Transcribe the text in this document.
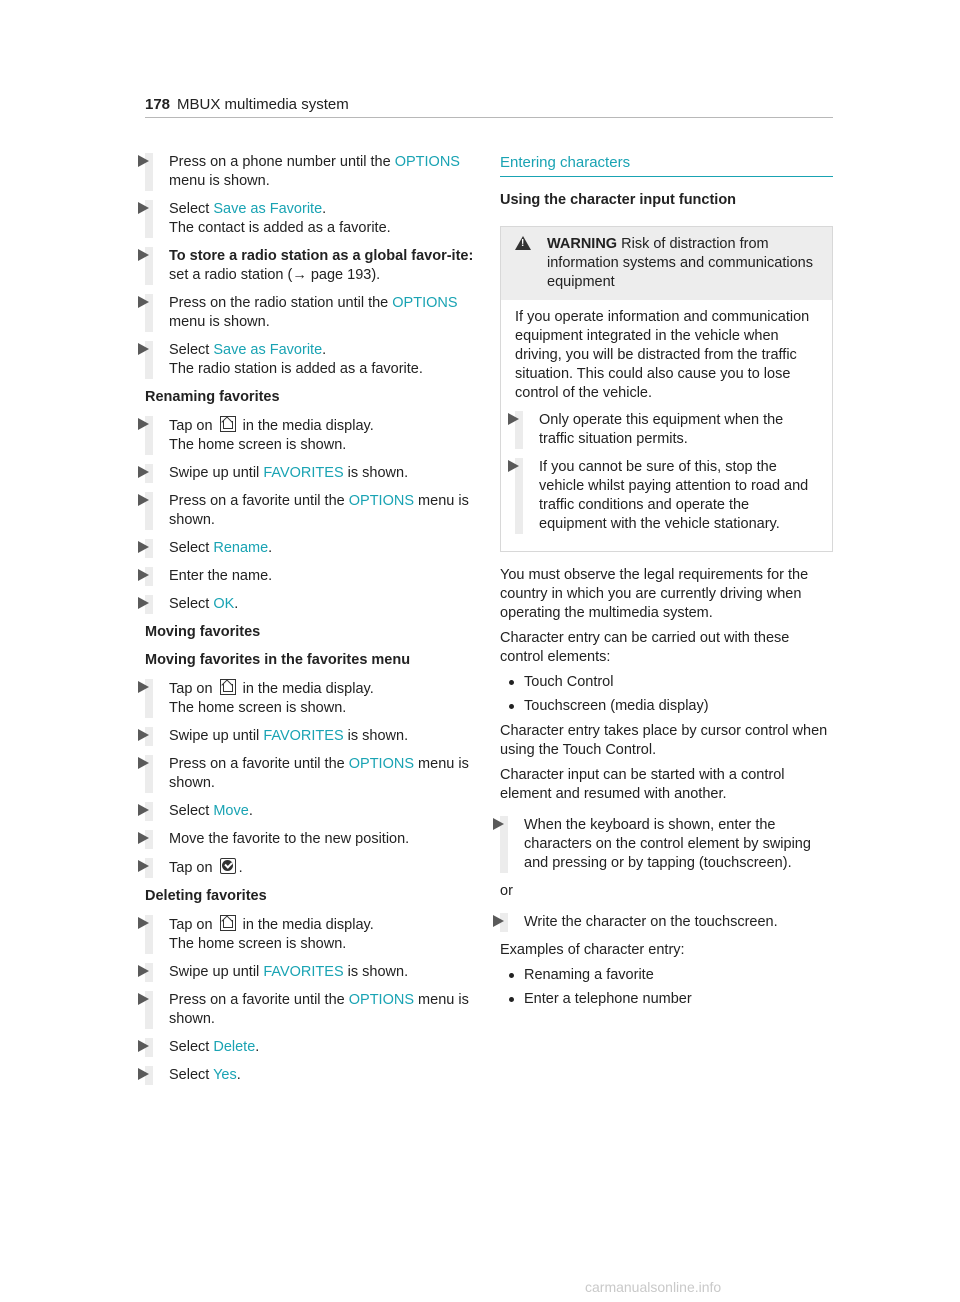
178 MBUX multimedia system
Press on a phone number until the OPTIONS
menu is shown.
Select Save as Favorite.
The contact is added as a favorite.
To store a radio station as a global favor-ite: set a radio station (→ page 193).
Press on the radio station until the OPTIONS
menu is shown.
Select Save as Favorite.
The radio station is added as a favorite.
Renaming favorites
Tap on in the media display.
The home screen is shown.
Swipe up until FAVORITES is shown.
Press on a favorite until the OPTIONS menu is shown.
Select Rename.
Enter the name.
Select OK.
Moving favorites
Moving favorites in the favorites menu
Tap on in the media display.
The home screen is shown.
Swipe up until FAVORITES is shown.
Press on a favorite until the OPTIONS menu is shown.
Select Move.
Move the favorite to the new position.
Tap on .
Deleting favorites
Tap on in the media display.
The home screen is shown.
Swipe up until FAVORITES is shown.
Press on a favorite until the OPTIONS menu is shown.
Select Delete.
Select Yes.
Entering characters
Using the character input function
!
WARNING Risk of distraction from information systems and communications equipment

If you operate information and communication equipment integrated in the vehicle when driving, you will be distracted from the traffic situation. This could also cause you to lose control of the vehicle.

Only operate this equipment when the traffic situation permits.
If you cannot be sure of this, stop the vehicle whilst paying attention to road and traffic conditions and operate the equipment with the vehicle stationary.

You must observe the legal requirements for the country in which you are currently driving when operating the multimedia system.

Character entry can be carried out with these control elements:

Touch Control
Touchscreen (media display)

Character entry takes place by cursor control when using the Touch Control.

Character input can be started with a control element and resumed with another.

When the keyboard is shown, enter the characters on the control element by swiping and pressing or by tapping (touchscreen).

or

Write the character on the touchscreen.

Examples of character entry:

Renaming a favorite
Enter a telephone number
carmanualsonline.info
